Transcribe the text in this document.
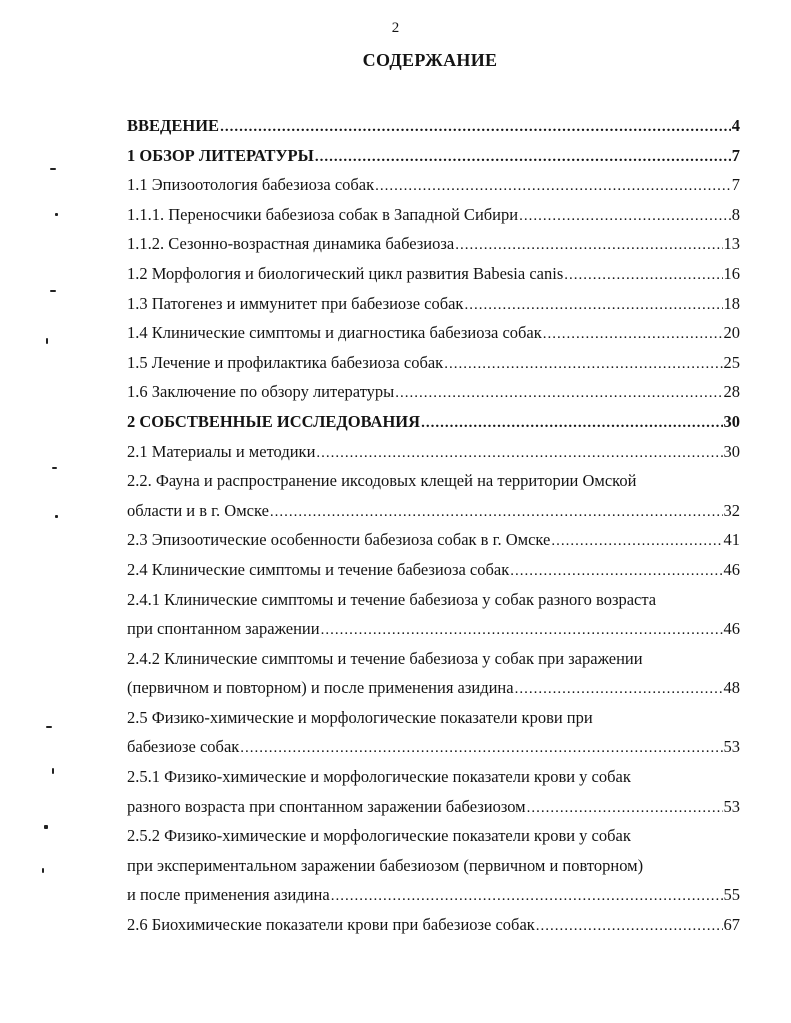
2
СОДЕРЖАНИЕ
ВВЕДЕНИЕ .....	4
1 ОБЗОР ЛИТЕРАТУРЫ .....	7
1.1 Эпизоотология бабезиоза собак .....	7
1.1.1. Переносчики бабезиоза собак в Западной Сибири .....	8
1.1.2. Сезонно-возрастная динамика бабезиоза .....	13
1.2 Морфология и биологический цикл развития Babesia canis .....	16
1.3 Патогенез и иммунитет при бабезиозе собак .....	18
1.4 Клинические симптомы и диагностика бабезиоза собак .....	20
1.5 Лечение и профилактика бабезиоза собак .....	25
1.6 Заключение по обзору литературы .....	28
2 СОБСТВЕННЫЕ ИССЛЕДОВАНИЯ .....	30
2.1 Материалы и методики .....	30
2.2. Фауна и распространение иксодовых клещей на территории Омской
области и в г. Омске .....	32
2.3 Эпизоотические особенности бабезиоза собак в г. Омске .....	41
2.4 Клинические симптомы и течение бабезиоза собак .....	46
2.4.1 Клинические симптомы и течение бабезиоза у собак разного возраста
при спонтанном заражении .....	46
2.4.2 Клинические симптомы и течение бабезиоза у собак при заражении
(первичном и повторном) и после применения азидина .....	48
2.5 Физико-химические и морфологические показатели крови при
бабезиозе собак .....	53
2.5.1 Физико-химические и морфологические показатели крови у собак
разного возраста при спонтанном заражении бабезиозом .....	53
2.5.2 Физико-химические и морфологические показатели крови у собак
при экспериментальном заражении бабезиозом (первичном и повторном)
и после применения азидина .....	55
2.6 Биохимические показатели крови при бабезиозе собак .....	67
